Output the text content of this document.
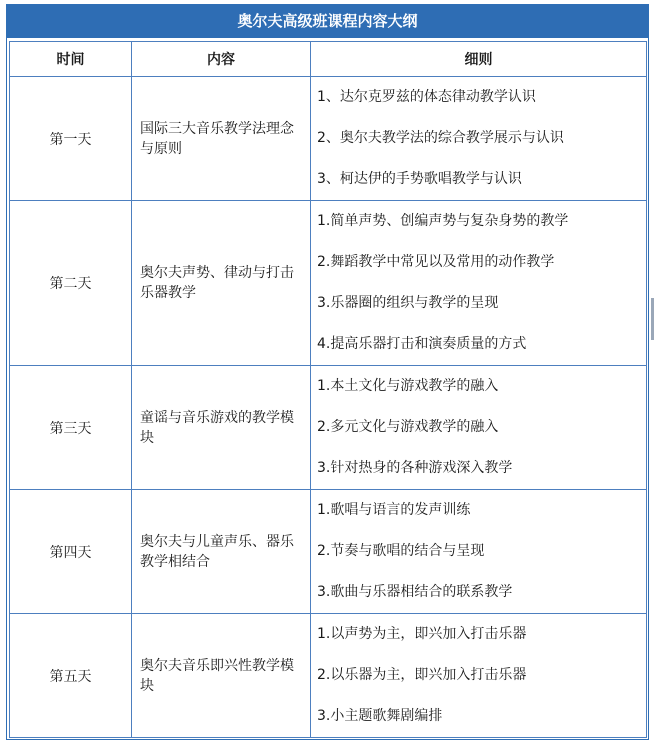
奥尔夫高级班课程内容大纲
时间	内容	细则
第一天	国际三大音乐教学法理念与原则	1、达尔克罗兹的体态律动教学认识
2、奥尔夫教学法的综合教学展示与认识
3、柯达伊的手势歌唱教学与认识

第二天	奥尔夫声势、律动与打击乐器教学	1.简单声势、创编声势与复杂身势的教学
2.舞蹈教学中常见以及常用的动作教学
3.乐器圈的组织与教学的呈现
4.提高乐器打击和演奏质量的方式

第三天	童谣与音乐游戏的教学模块	1.本土文化与游戏教学的融入
2.多元文化与游戏教学的融入
3.针对热身的各种游戏深入教学

第四天	奥尔夫与儿童声乐、器乐教学相结合	1.歌唱与语言的发声训练
2.节奏与歌唱的结合与呈现
3.歌曲与乐器相结合的联系教学

第五天	奥尔夫音乐即兴性教学模块	1.以声势为主，即兴加入打击乐器
2.以乐器为主，即兴加入打击乐器
3.小主题歌舞剧编排
